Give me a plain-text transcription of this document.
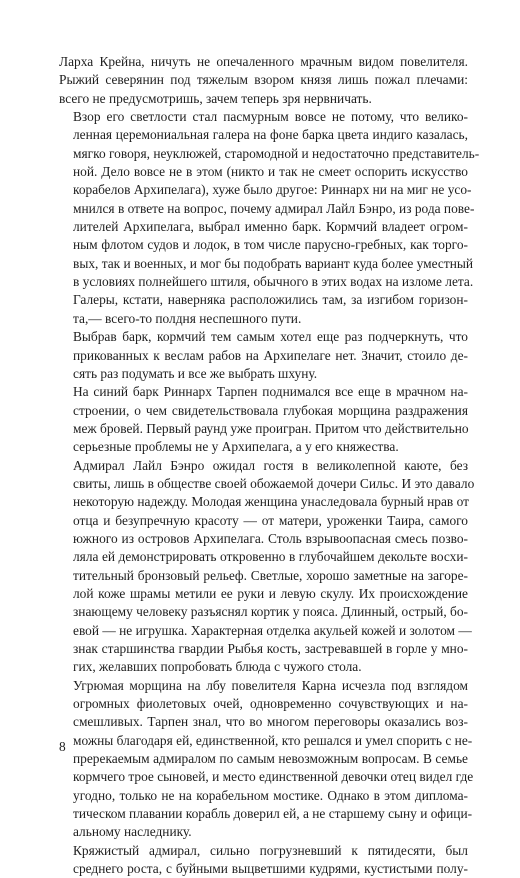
Ларха Крейна, ничуть не опечаленного мрачным видом повелителя.
Рыжий северянин под тяжелым взором князя лишь пожал плечами:
всего не предусмотришь, зачем теперь зря нервничать.

Взор его светлости стал пасмурным вовсе не потому, что велико-
ленная церемониальная галера на фоне барка цвета индиго казалась,
мягко говоря, неуклюжей, старомодной и недостаточно представитель-
ной. Дело вовсе не в этом (никто и так не смеет оспорить искусство
корабелов Архипелага), хуже было другое: Риннарх ни на миг не усо-
мнился в ответе на вопрос, почему адмирал Лайл Бэнро, из рода пове-
лителей Архипелага, выбрал именно барк. Кормчий владеет огром-
ным флотом судов и лодок, в том числе парусно-гребных, как торго-
вых, так и военных, и мог бы подобрать вариант куда более уместный
в условиях полнейшего штиля, обычного в этих водах на изломе лета.
Галеры, кстати, наверняка расположились там, за изгибом горизон-
та,— всего-то полдня неспешного пути.

Выбрав барк, кормчий тем самым хотел еще раз подчеркнуть, что
прикованных к веслам рабов на Архипелаге нет. Значит, стоило де-
сять раз подумать и все же выбрать шхуну.

На синий барк Риннарх Тарпен поднимался все еще в мрачном на-
строении, о чем свидетельствовала глубокая морщина раздражения
меж бровей. Первый раунд уже проигран. Притом что действительно
серьезные проблемы не у Архипелага, а у его княжества.

Адмирал Лайл Бэнро ожидал гостя в великолепной каюте, без
свиты, лишь в обществе своей обожаемой дочери Сильс. И это давало
некоторую надежду. Молодая женщина унаследовала бурный нрав от
отца и безупречную красоту — от матери, уроженки Таира, самого
южного из островов Архипелага. Столь взрывоопасная смесь позво-
ляла ей демонстрировать откровенно в глубочайшем декольте восхи-
тительный бронзовый рельеф. Светлые, хорошо заметные на загоре-
лой коже шрамы метили ее руки и левую скулу. Их происхождение
знающему человеку разъяснял кортик у пояса. Длинный, острый, бо-
евой — не игрушка. Характерная отделка акульей кожей и золотом —
знак старшинства гвардии Рыбья кость, застревавшей в горле у мно-
гих, желавших попробовать блюда с чужого стола.

Угрюмая морщина на лбу повелителя Карна исчезла под взглядом
огромных фиолетовых очей, одновременно сочувствующих и на-
смешливых. Тарпен знал, что во многом переговоры оказались воз-
можны благодаря ей, единственной, кто решался и умел спорить с не-
пререкаемым адмиралом по самым невозможным вопросам. В семье
кормчего трое сыновей, и место единственной девочки отец видел где
угодно, только не на корабельном мостике. Однако в этом диплома-
тическом плавании корабль доверил ей, а не старшему сыну и офици-
альному наследнику.

Кряжистый адмирал, сильно погрузневший к пятидесяти, был
среднего роста, с буйными выцветшими кудрями, кустистыми полу-

8
